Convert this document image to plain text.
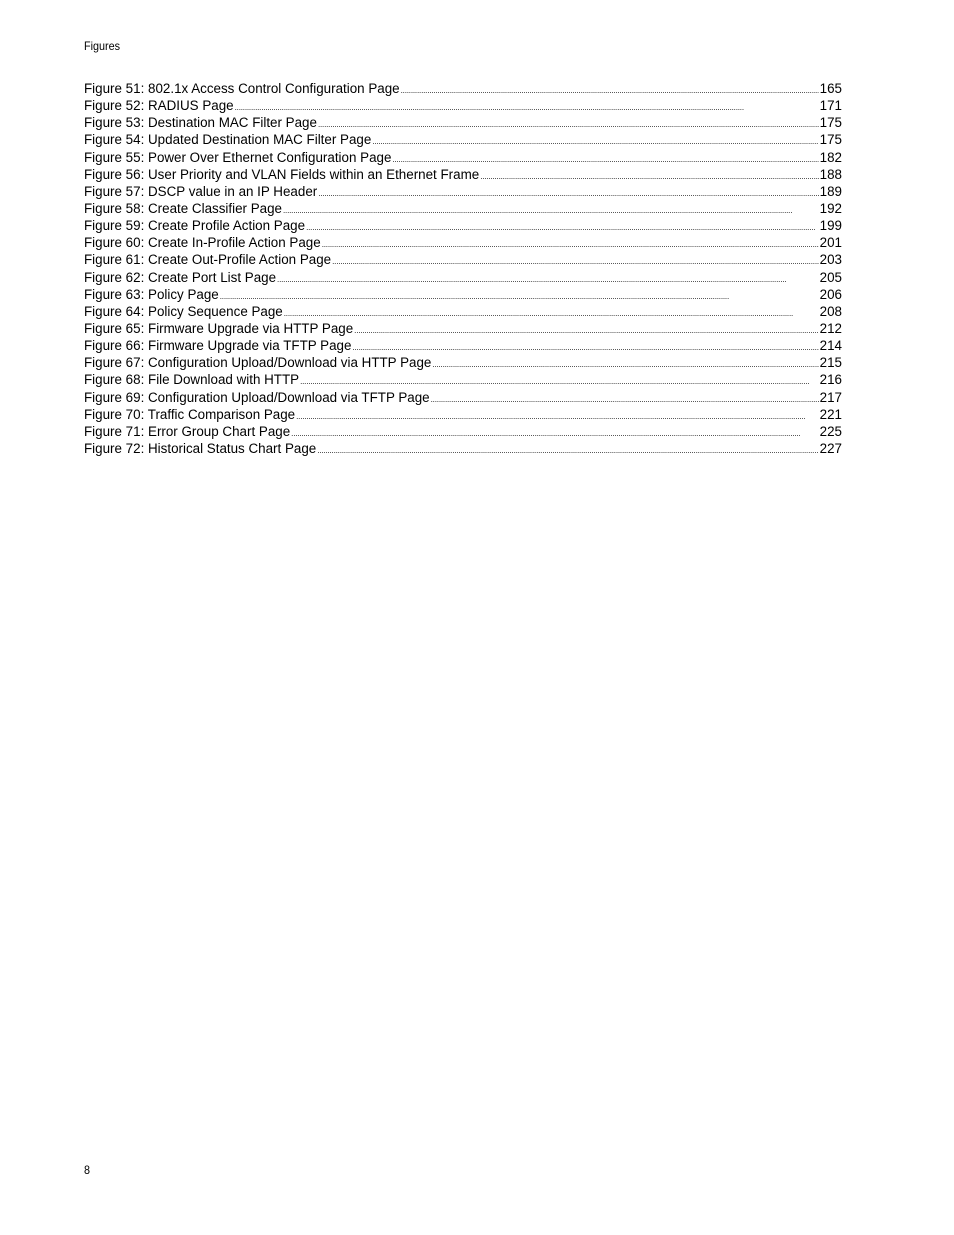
Figures
Figure 51: 802.1x Access Control Configuration Page . . .	165
Figure 52: RADIUS Page . . .	171
Figure 53: Destination MAC Filter Page . . .	175
Figure 54: Updated Destination MAC Filter Page . . .	175
Figure 55: Power Over Ethernet Configuration Page . . .	182
Figure 56: User Priority and VLAN Fields within an Ethernet Frame . . .	188
Figure 57: DSCP value in an IP Header . . .	189
Figure 58: Create Classifier Page . . .	192
Figure 59: Create Profile Action Page . . .	199
Figure 60: Create In-Profile Action Page . . .	201
Figure 61: Create Out-Profile Action Page . . .	203
Figure 62: Create Port List Page . . .	205
Figure 63: Policy Page . . .	206
Figure 64: Policy Sequence Page . . .	208
Figure 65: Firmware Upgrade via HTTP Page . . .	212
Figure 66: Firmware Upgrade via TFTP Page . . .	214
Figure 67: Configuration Upload/Download via HTTP Page . . .	215
Figure 68: File Download with HTTP . . .	216
Figure 69: Configuration Upload/Download via TFTP Page . . .	217
Figure 70: Traffic Comparison Page . . .	221
Figure 71: Error Group Chart Page . . .	225
Figure 72: Historical Status Chart Page . . .	227
8
